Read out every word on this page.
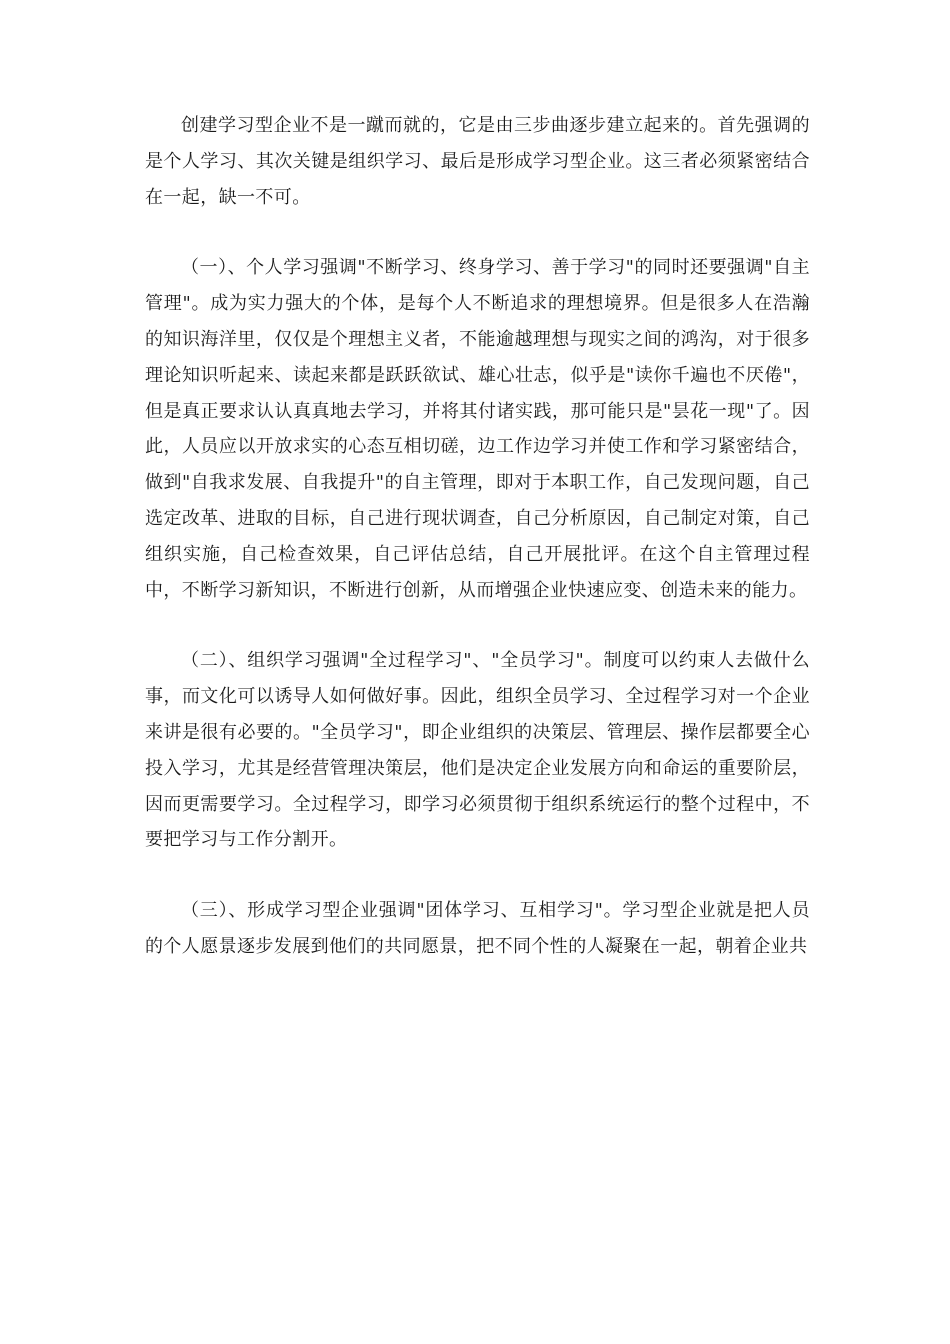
创建学习型企业不是一蹴而就的，它是由三步曲逐步建立起来的。首先强调的是个人学习、其次关键是组织学习、最后是形成学习型企业。这三者必须紧密结合在一起，缺一不可。

（一）、个人学习强调"不断学习、终身学习、善于学习"的同时还要强调"自主管理"。成为实力强大的个体，是每个人不断追求的理想境界。但是很多人在浩瀚的知识海洋里，仅仅是个理想主义者，不能逾越理想与现实之间的鸿沟，对于很多理论知识听起来、读起来都是跃跃欲试、雄心壮志，似乎是"读你千遍也不厌倦"，但是真正要求认认真真地去学习，并将其付诸实践，那可能只是"昙花一现"了。因此，人员应以开放求实的心态互相切磋，边工作边学习并使工作和学习紧密结合，做到"自我求发展、自我提升"的自主管理，即对于本职工作，自己发现问题，自己选定改革、进取的目标，自己进行现状调查，自己分析原因，自己制定对策，自己组织实施，自己检查效果，自己评估总结，自己开展批评。在这个自主管理过程中，不断学习新知识，不断进行创新，从而增强企业快速应变、创造未来的能力。

（二）、组织学习强调"全过程学习"、"全员学习"。制度可以约束人去做什么事，而文化可以诱导人如何做好事。因此，组织全员学习、全过程学习对一个企业来讲是很有必要的。"全员学习"，即企业组织的决策层、管理层、操作层都要全心投入学习，尤其是经营管理决策层，他们是决定企业发展方向和命运的重要阶层，因而更需要学习。全过程学习，即学习必须贯彻于组织系统运行的整个过程中，不要把学习与工作分割开。

（三）、形成学习型企业强调"团体学习、互相学习"。学习型企业就是把人员的个人愿景逐步发展到他们的共同愿景，把不同个性的人凝聚在一起，朝着企业共
